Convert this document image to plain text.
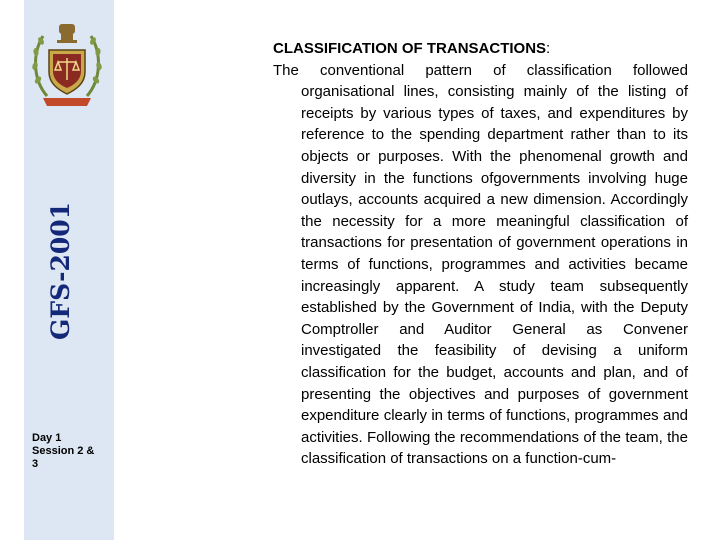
GFS-2001
Day 1
Session 2 &
3
CLASSIFICATION OF TRANSACTIONS:
The conventional pattern of classification followed organisational lines, consisting mainly of the listing of receipts by various types of taxes, and expenditures by reference to the spending department rather than to its objects or purposes. With the phenomenal growth and diversity in the functions ofgovernments involving huge outlays, accounts acquired a new dimension. Accordingly the necessity for a more meaningful classification of transactions for presentation of government operations in terms of functions, programmes and activities became increasingly apparent. A study team subsequently established by the Government of India, with the Deputy Comptroller and Auditor General as Convener investigated the feasibility of devising a uniform classification for the budget, accounts and plan, and of presenting the objectives and purposes of government expenditure clearly in terms of functions, programmes and activities. Following the recommendations of the team, the classification of transactions on a function-cum-
